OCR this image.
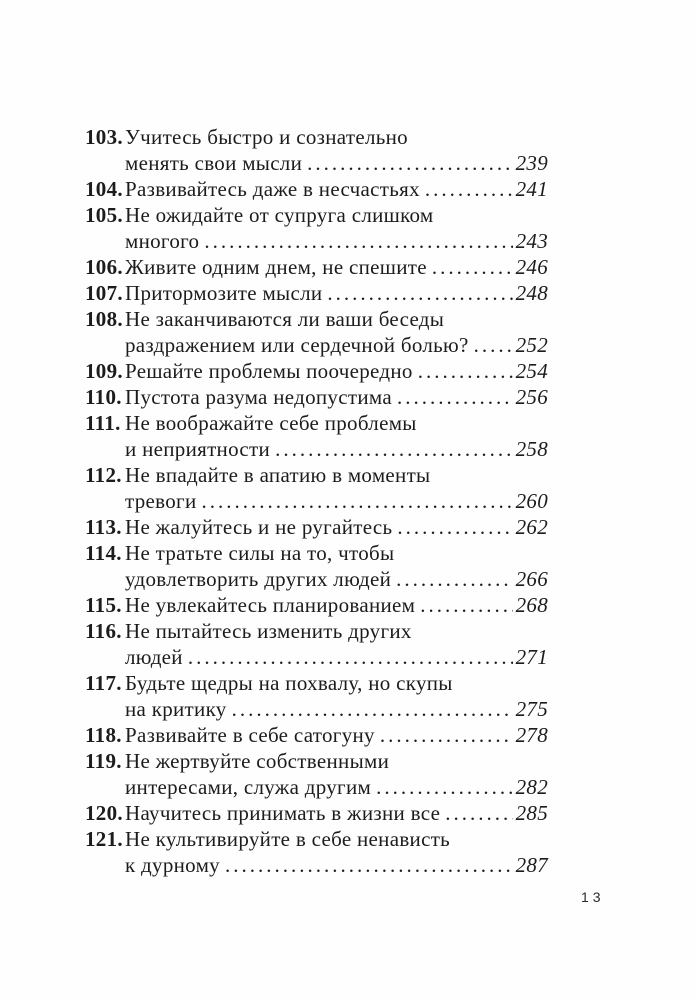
103. Учитесь быстро и сознательно
менять свои мысли .....	239
104. Развивайтесь даже в несчастьях .....	241
105. Не ожидайте от супруга слишком
многого .....	243
106. Живите одним днем, не спешите .....	246
107. Притормозите мысли .....	248
108. Не заканчиваются ли ваши беседы
раздражением или сердечной болью? ..... 252
109. Решайте проблемы поочередно .....	254
110. Пустота разума недопустима .....	256
111. Не воображайте себе проблемы
и неприятности .....	258
112. Не впадайте в апатию в моменты
тревоги .....	260
113. Не жалуйтесь и не ругайтесь .....	262
114. Не тратьте силы на то, чтобы
удовлетворить других людей .....	266
115. Не увлекайтесь планированием .....	268
116. Не пытайтесь изменить других
людей .....	271
117. Будьте щедры на похвалу, но скупы
на критику .....	275
118. Развивайте в себе сатогуну .....	278
119. Не жертвуйте собственными
интересами, служа другим .....	282
120. Научитесь принимать в жизни все .....	285
121. Не культивируйте в себе ненависть
к дурному .....	287
13
